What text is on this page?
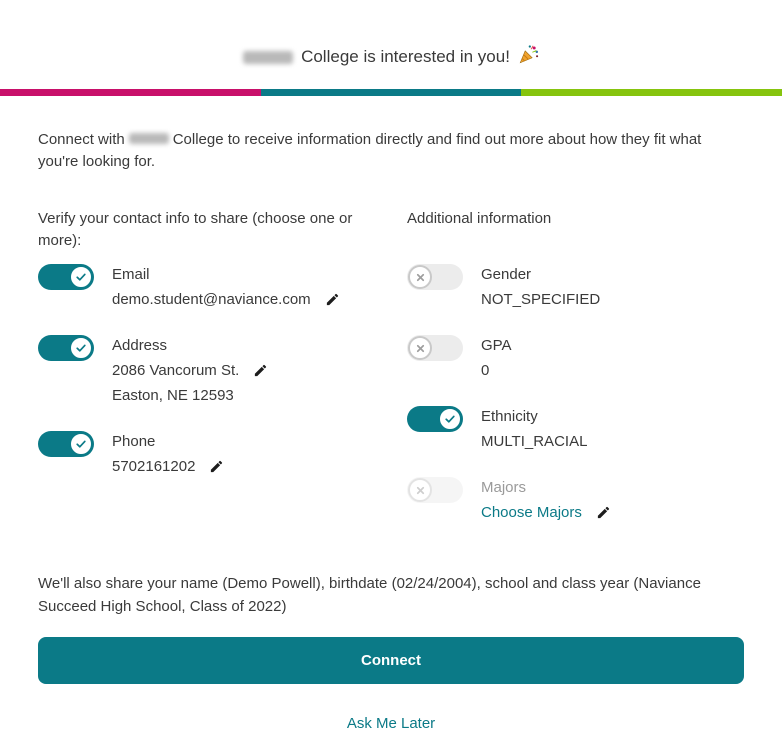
College is interested in you!

Connect with	College to receive information directly and find out more about how they fit what you're looking for.

Verify your contact info to share (choose one or more):
Email
demo.student@naviance.com
Address
2086 Vancorum St.
Easton, NE 12593
Phone
5702161202
Additional information
Gender
NOT_SPECIFIED
GPA
0
Ethnicity
MULTI_RACIAL
Majors
Choose Majors

We'll also share your name (Demo Powell), birthdate (02/24/2004), school and class year (Naviance Succeed High School, Class of 2022)

Connect
Ask Me Later
